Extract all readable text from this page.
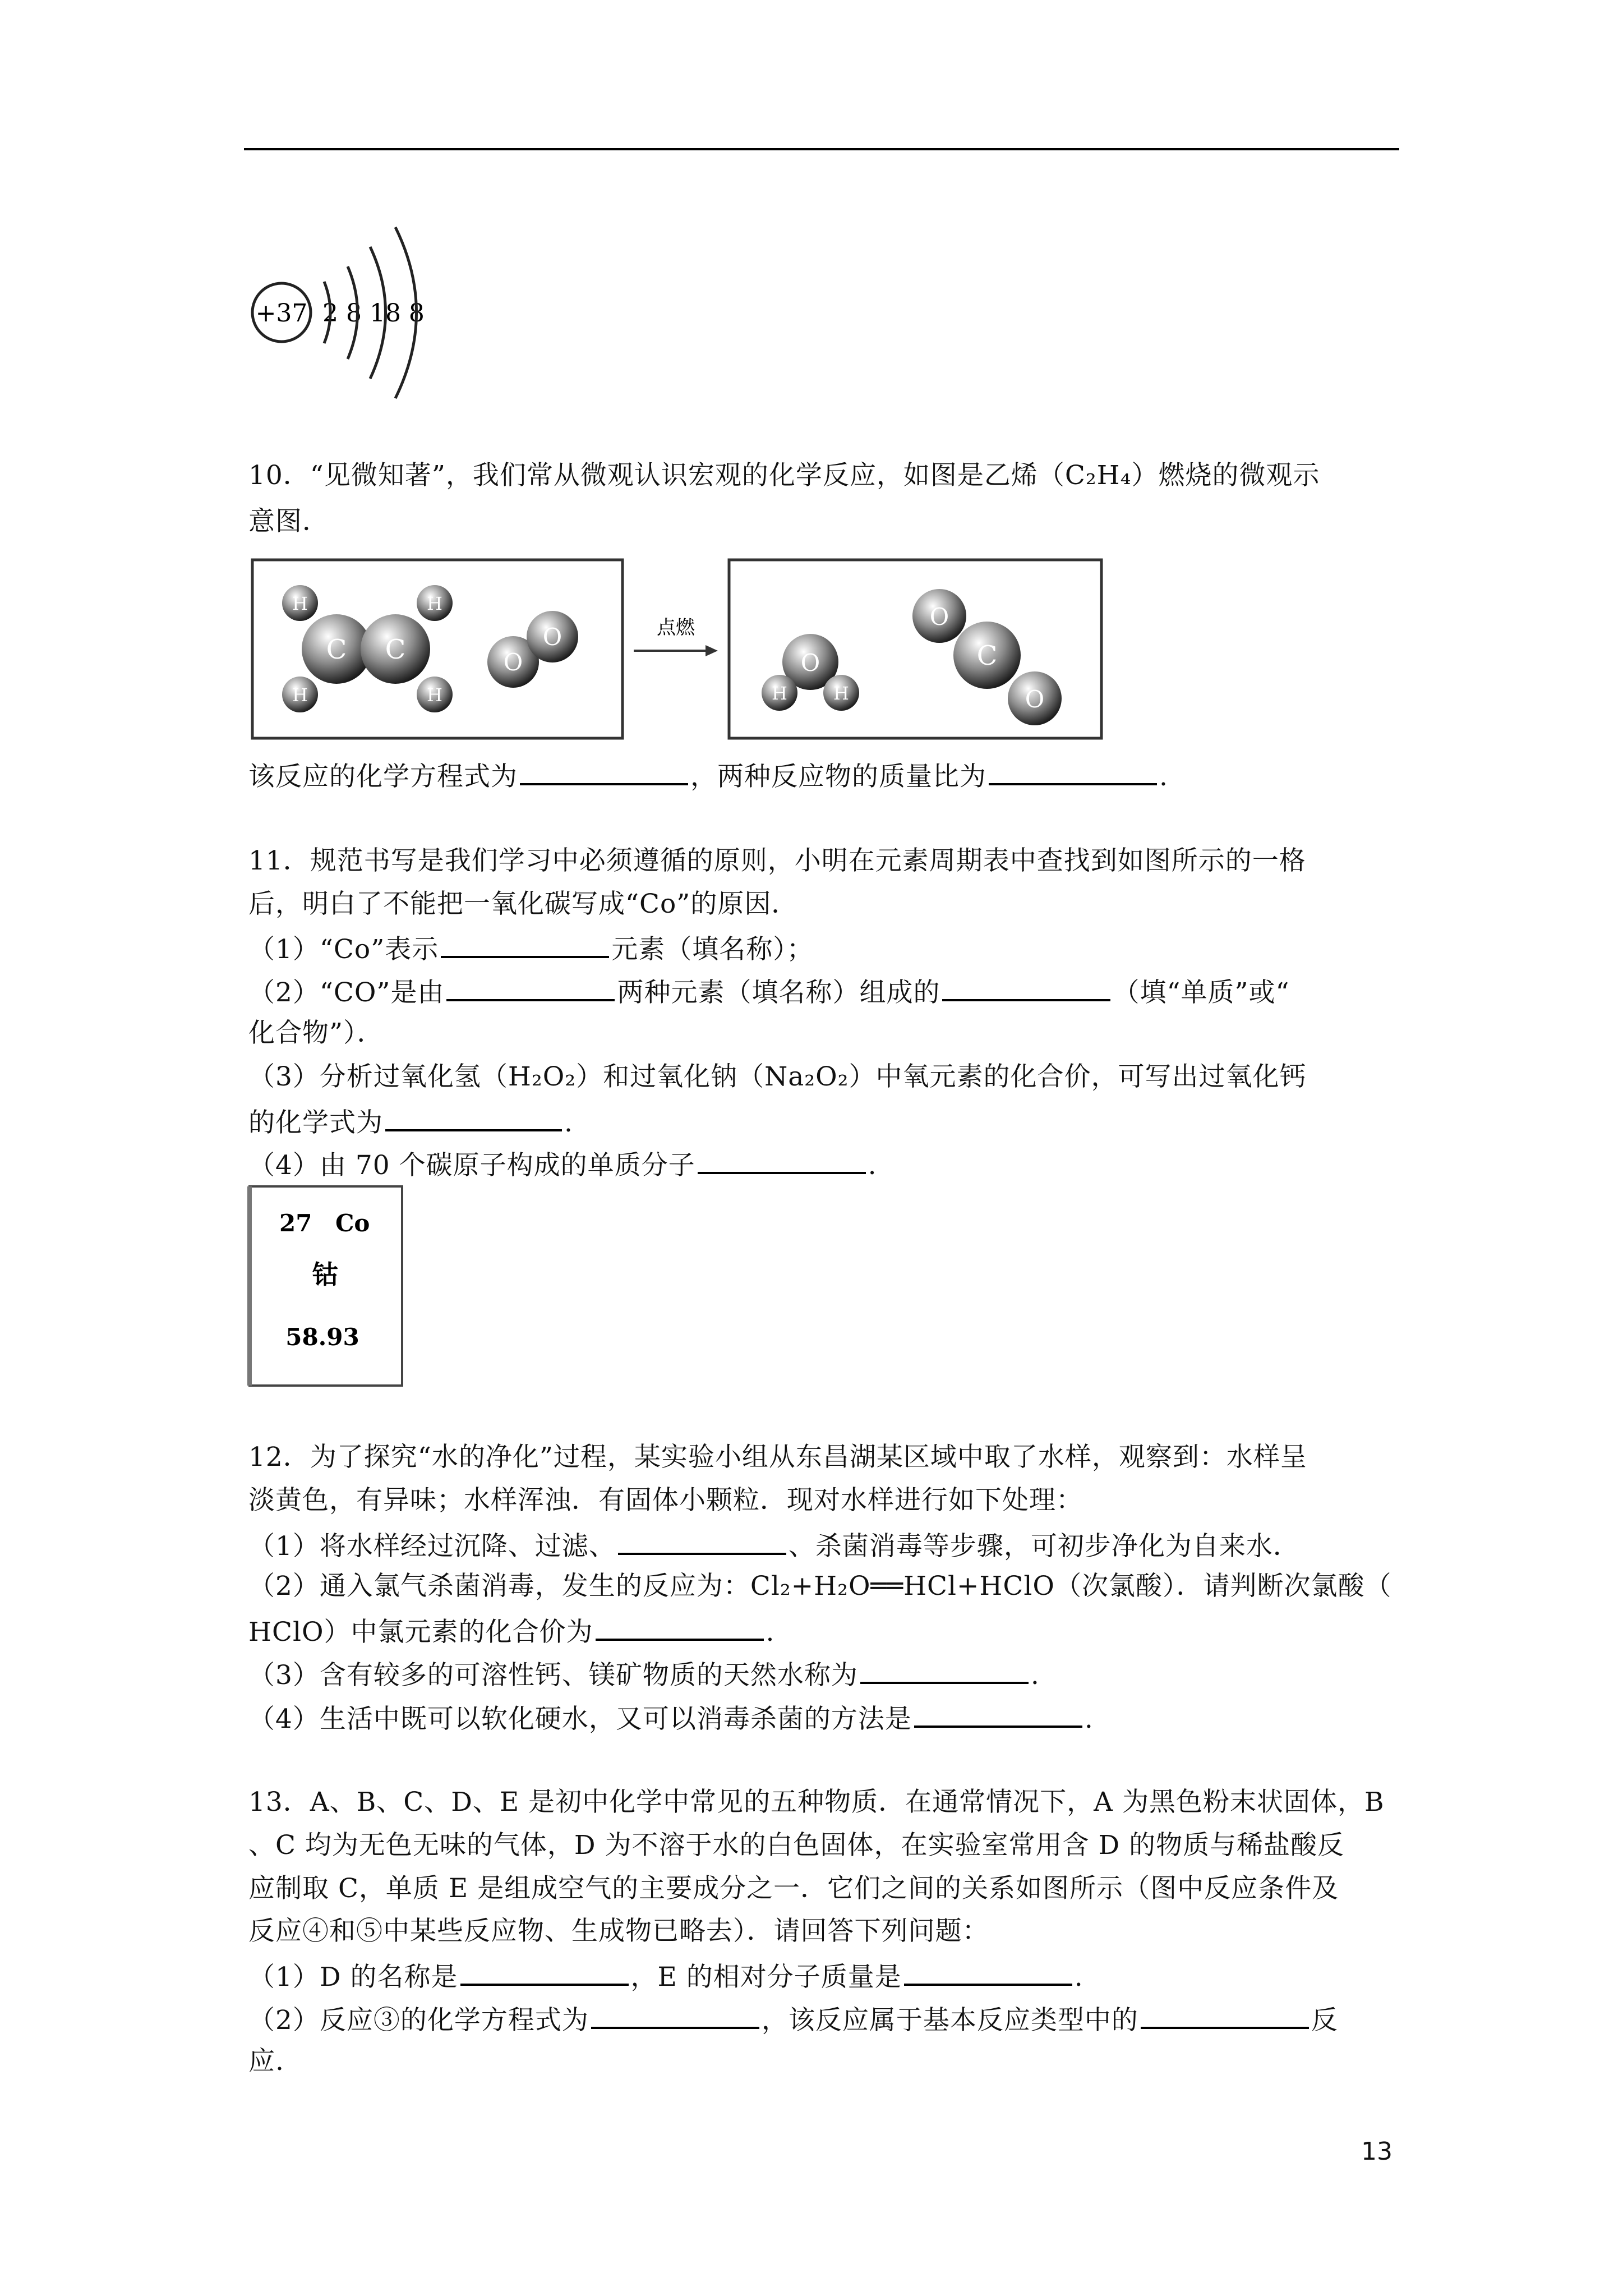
+37 2 8 18 8
10．“见微知著”，我们常从微观认识宏观的化学反应，如图是乙烯（C₂H₄）燃烧的微观示
意图．
H	H
H	H
C C	O
O	点燃
O
H	H
O
C
O
该反应的化学方程式为	，两种反应物的质量比为	.
11．规范书写是我们学习中必须遵循的原则，小明在元素周期表中查找到如图所示的一格
后，明白了不能把一氧化碳写成“Co”的原因．
（1）“Co”表示	元素（填名称）；
（2）“CO”是由	两种元素（填名称）组成的	（填“单质”或“
化合物”）．
（3）分析过氧化氢（H₂O₂）和过氧化钠（Na₂O₂）中氧元素的化合价，可写出过氧化钙
的化学式为	.
（4）由 70 个碳原子构成的单质分子	.
27 Co
钴
58.93
12．为了探究“水的净化”过程，某实验小组从东昌湖某区域中取了水样，观察到：水样呈
淡黄色，有异味；水样浑浊．有固体小颗粒．现对水样进行如下处理：
（1）将水样经过沉降、过滤、	、杀菌消毒等步骤，可初步净化为自来水．
（2）通入氯气杀菌消毒，发生的反应为：Cl₂+H₂O══HCl+HClO（次氯酸）．请判断次氯酸（
HClO）中氯元素的化合价为	.
（3）含有较多的可溶性钙、镁矿物质的天然水称为	.
（4）生活中既可以软化硬水，又可以消毒杀菌的方法是	.
13．A、B、C、D、E 是初中化学中常见的五种物质．在通常情况下，A 为黑色粉末状固体，B
、C 均为无色无味的气体，D 为不溶于水的白色固体，在实验室常用含 D 的物质与稀盐酸反
应制取 C，单质 E 是组成空气的主要成分之一．它们之间的关系如图所示（图中反应条件及
反应④和⑤中某些反应物、生成物已略去）．请回答下列问题：
（1）D 的名称是	，E 的相对分子质量是	.
（2）反应③的化学方程式为	，该反应属于基本反应类型中的	反
应.
13
